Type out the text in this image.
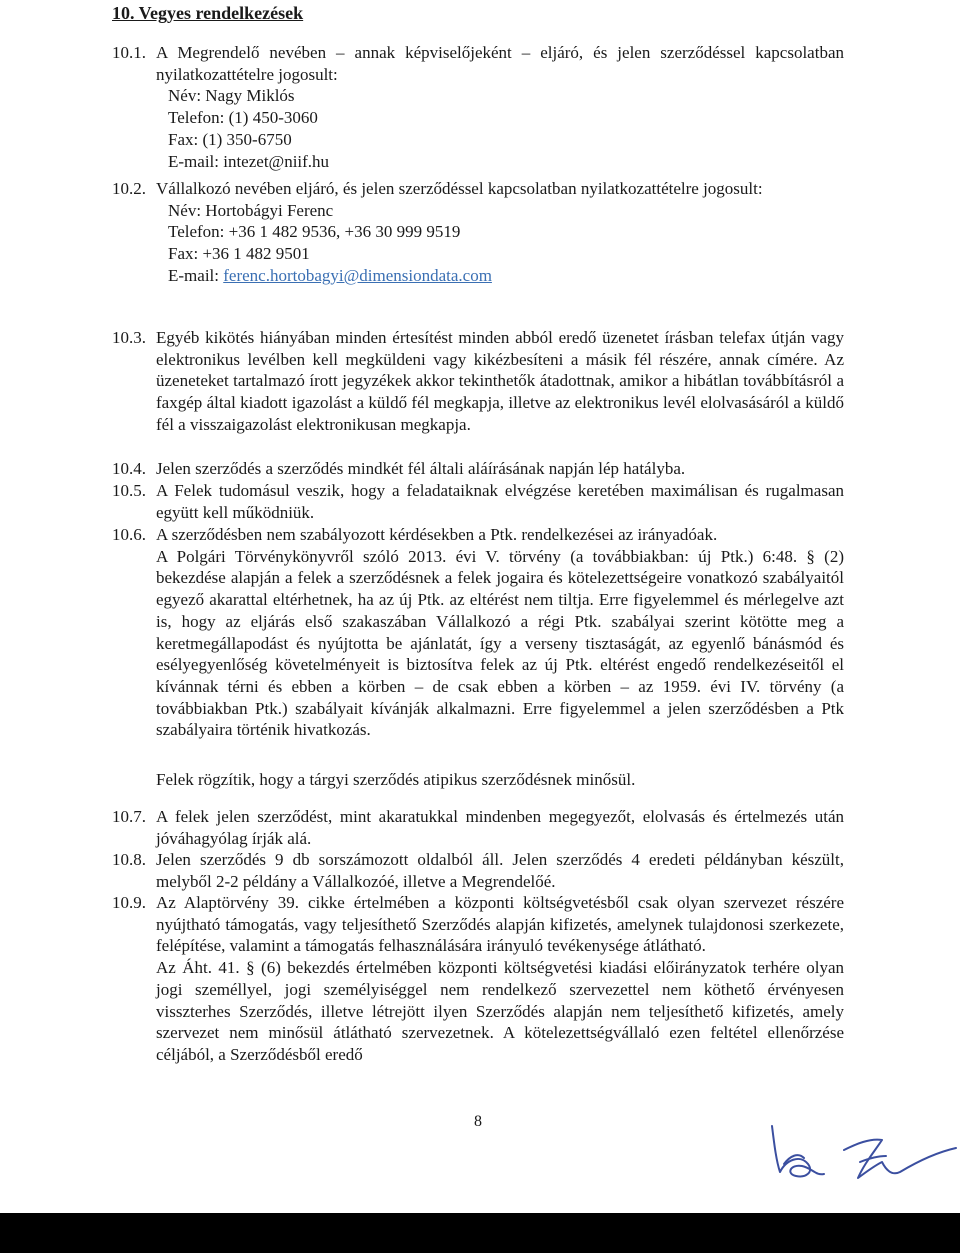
10. Vegyes rendelkezések
10.1. A Megrendelő nevében – annak képviselőjeként – eljáró, és jelen szerződéssel kapcsolatban nyilatkozattételre jogosult:

Név: Nagy Miklós
Telefon: (1) 450-3060
Fax: (1) 350-6750
E-mail: intezet@niif.hu
10.2. Vállalkozó nevében eljáró, és jelen szerződéssel kapcsolatban nyilatkozattételre jogosult:

Név: Hortobágyi Ferenc
Telefon: +36 1 482 9536, +36 30 999 9519
Fax: +36 1 482 9501
E-mail: ferenc.hortobagyi@dimensiondata.com
10.3. Egyéb kikötés hiányában minden értesítést minden abból eredő üzenetet írásban telefax útján vagy elektronikus levélben kell megküldeni vagy kikézbesíteni a másik fél részére, annak címére. Az üzeneteket tartalmazó írott jegyzékek akkor tekinthetők átadottnak, amikor a hibátlan továbbításról a faxgép által kiadott igazolást a küldő fél megkapja, illetve az elektronikus levél elolvasásáról a küldő fél a visszaigazolást elektronikusan megkapja.

10.4. Jelen szerződés a szerződés mindkét fél általi aláírásának napján lép hatályba.

10.5. A Felek tudomásul veszik, hogy a feladataiknak elvégzése keretében maximálisan és rugalmasan együtt kell működniük.

10.6. A szerződésben nem szabályozott kérdésekben a Ptk. rendelkezései az irányadóak.

A Polgári Törvénykönyvről szóló 2013. évi V. törvény (a továbbiakban: új Ptk.) 6:48. § (2) bekezdése alapján a felek a szerződésnek a felek jogaira és kötelezettségeire vonatkozó szabályaitól egyező akarattal eltérhetnek, ha az új Ptk. az eltérést nem tiltja. Erre figyelemmel és mérlegelve azt is, hogy az eljárás első szakaszában Vállalkozó a régi Ptk. szabályai szerint kötötte meg a keretmegállapodást és nyújtotta be ajánlatát, így a verseny tisztaságát, az egyenlő bánásmód és esélyegyenlőség követelményeit is biztosítva felek az új Ptk. eltérést engedő rendelkezéseitől el kívánnak térni és ebben a körben – de csak ebben a körben – az 1959. évi IV. törvény (a továbbiakban Ptk.) szabályait kívánják alkalmazni. Erre figyelemmel a jelen szerződésben a Ptk szabályaira történik hivatkozás.

Felek rögzítik, hogy a tárgyi szerződés atipikus szerződésnek minősül.

10.7. A felek jelen szerződést, mint akaratukkal mindenben megegyezőt, elolvasás és értelmezés után jóváhagyólag írják alá.

10.8. Jelen szerződés 9 db sorszámozott oldalból áll. Jelen szerződés 4 eredeti példányban készült, melyből 2-2 példány a Vállalkozóé, illetve a Megrendelőé.

10.9. Az Alaptörvény 39. cikke értelmében a központi költségvetésből csak olyan szervezet részére nyújtható támogatás, vagy teljesíthető Szerződés alapján kifizetés, amelynek tulajdonosi szerkezete, felépítése, valamint a támogatás felhasználására irányuló tevékenysége átlátható.

Az Áht. 41. § (6) bekezdés értelmében központi költségvetési kiadási előirányzatok terhére olyan jogi személlyel, jogi személyiséggel nem rendelkező szervezettel nem köthető érvényesen visszterhes Szerződés, illetve létrejött ilyen Szerződés alapján nem teljesíthető kifizetés, amely szervezet nem minősül átlátható szervezetnek. A kötelezettségvállaló ezen feltétel ellenőrzése céljából, a Szerződésből eredő

8
